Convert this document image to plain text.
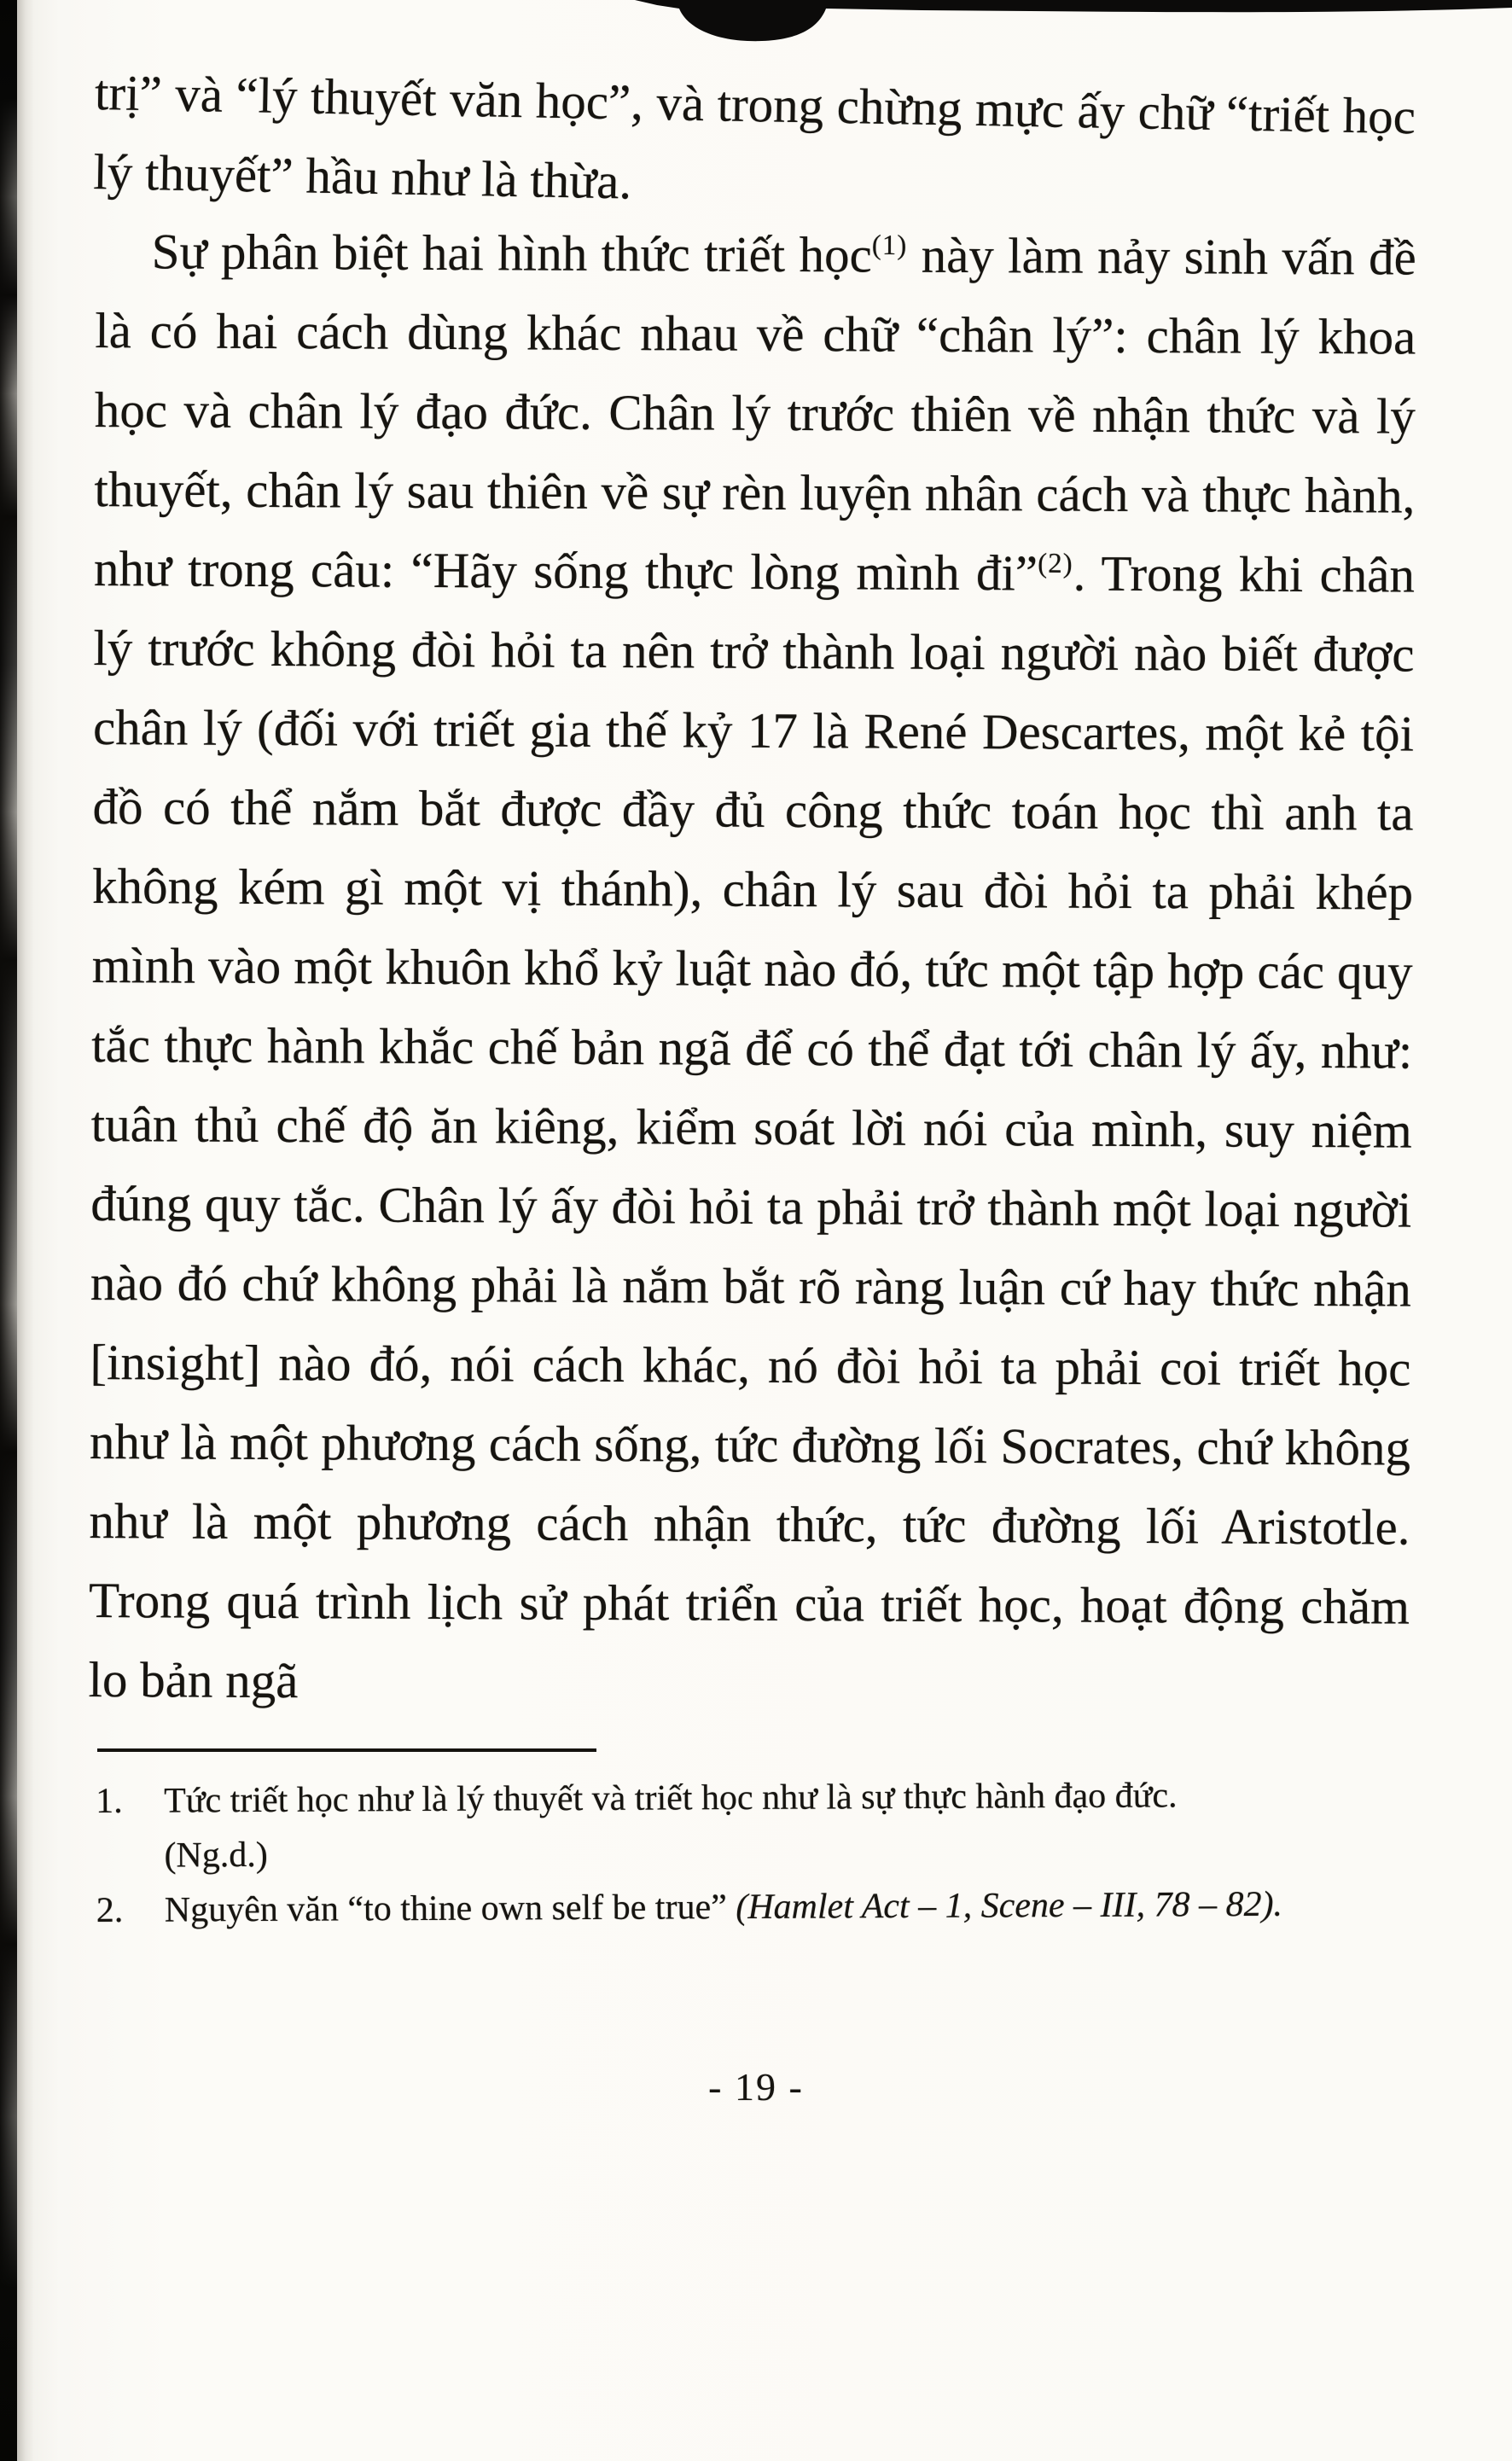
trị” và “lý thuyết văn học”, và trong chừng mực ấy chữ “triết học lý thuyết” hầu như là thừa.

Sự phân biệt hai hình thức triết học$^{(1)}$ này làm nảy sinh vấn đề là có hai cách dùng khác nhau về chữ “chân lý”: chân lý khoa học và chân lý đạo đức. Chân lý trước thiên về nhận thức và lý thuyết, chân lý sau thiên về sự rèn luyện nhân cách và thực hành, như trong câu: “Hãy sống thực lòng mình đi”$^{(2)}$. Trong khi chân lý trước không đòi hỏi ta nên trở thành loại người nào biết được chân lý (đối với triết gia thế kỷ 17 là René Descartes, một kẻ tội đồ có thể nắm bắt được đầy đủ công thức toán học thì anh ta không kém gì một vị thánh), chân lý sau đòi hỏi ta phải khép mình vào một khuôn khổ kỷ luật nào đó, tức một tập hợp các quy tắc thực hành khắc chế bản ngã để có thể đạt tới chân lý ấy, như: tuân thủ chế độ ăn kiêng, kiểm soát lời nói của mình, suy niệm đúng quy tắc. Chân lý ấy đòi hỏi ta phải trở thành một loại người nào đó chứ không phải là nắm bắt rõ ràng luận cứ hay thức nhận [insight] nào đó, nói cách khác, nó đòi hỏi ta phải coi triết học như là một phương cách sống, tức đường lối Socrates, chứ không như là một phương cách nhận thức, tức đường lối Aristotle. Trong quá trình lịch sử phát triển của triết học, hoạt động chăm lo bản ngã

1.	Tức triết học như là lý thuyết và triết học như là sự thực hành đạo đức.
(Ng.d.)
2.	Nguyên văn “to thine own self be true” (Hamlet Act – 1, Scene – III, 78 – 82).
- 19 -
